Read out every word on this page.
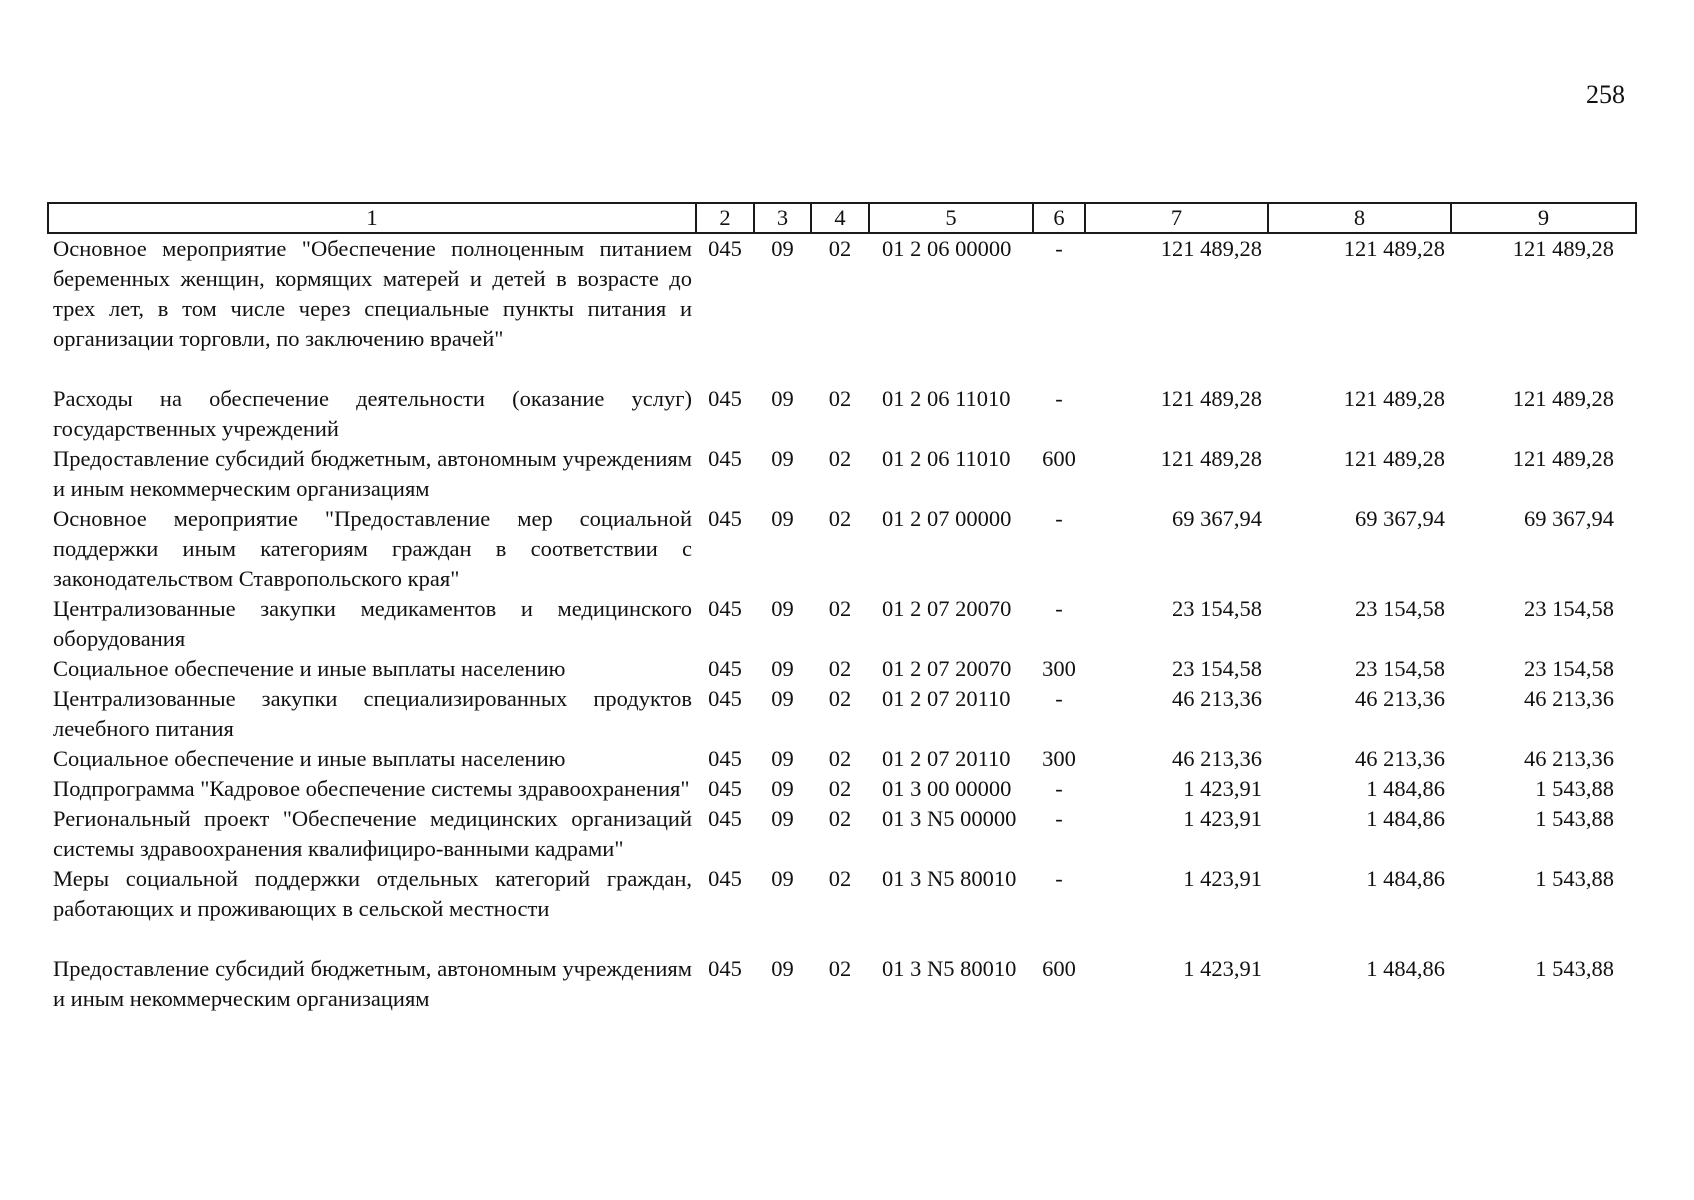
258
1	2	3	4	5	6	7	8	9
Основное мероприятие "Обеспечение полноценным питанием беременных женщин, кормящих матерей и детей в возрасте до трех лет, в том числе через специальные пункты питания и организации торговли, по заключению врачей"	045	09	02	01 2 06 00000	-	121 489,28	121 489,28	121 489,28
Расходы на обеспечение деятельности (оказание услуг) государственных учреждений	045	09	02	01 2 06 11010	-	121 489,28	121 489,28	121 489,28
Предоставление субсидий бюджетным, автономным учреждениям и иным некоммерческим организациям	045	09	02	01 2 06 11010	600	121 489,28	121 489,28	121 489,28
Основное мероприятие "Предоставление мер социальной поддержки иным категориям граждан в соответствии с законодательством Ставропольского края"	045	09	02	01 2 07 00000	-	69 367,94	69 367,94	69 367,94
Централизованные закупки медикаментов и медицинского оборудования	045	09	02	01 2 07 20070	-	23 154,58	23 154,58	23 154,58
Социальное обеспечение и иные выплаты населению	045	09	02	01 2 07 20070	300	23 154,58	23 154,58	23 154,58
Централизованные закупки специализированных продуктов лечебного питания	045	09	02	01 2 07 20110	-	46 213,36	46 213,36	46 213,36
Социальное обеспечение и иные выплаты населению	045	09	02	01 2 07 20110	300	46 213,36	46 213,36	46 213,36
Подпрограмма "Кадровое обеспечение системы здравоохранения"	045	09	02	01 3 00 00000	-	1 423,91	1 484,86	1 543,88
Региональный проект "Обеспечение медицинских организаций системы здравоохранения квалифициро-ванными кадрами"	045	09	02	01 3 N5 00000	-	1 423,91	1 484,86	1 543,88
Меры социальной поддержки отдельных категорий граждан, работающих и проживающих в сельской местности	045	09	02	01 3 N5 80010	-	1 423,91	1 484,86	1 543,88
Предоставление субсидий бюджетным, автономным учреждениям и иным некоммерческим организациям	045	09	02	01 3 N5 80010	600	1 423,91	1 484,86	1 543,88
